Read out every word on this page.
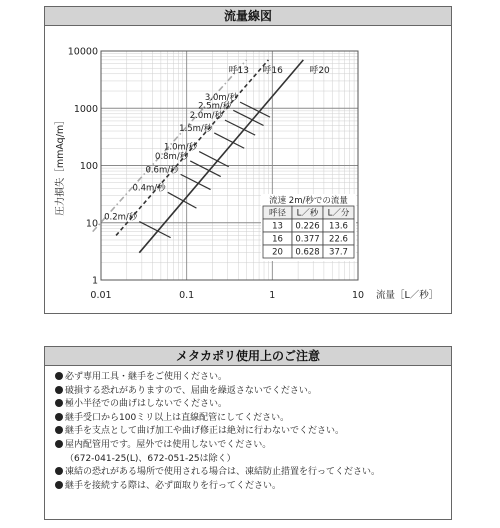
流量線図
流速 2m/秒での流量
呼径 L／秒 L／分
13 0.226 13.6
16 0.377 22.6
20 0.628 37.7
呼13 呼16	呼20
0.2m/秒
0.4m/秒
0.6m/秒
0.8m/秒
1.0m/秒
1.5m/秒
2.0m/秒
2.5m/秒
3.0m/秒
0.01	0.1	1	10
1
10
100
1000
10000
流量［L／秒］
圧力損失［mmAq/m］
メタカポリ使用上のご注意
必ず専用工具・継手をご使用ください。
破損する恐れがありますので、屈曲を繰返さないでください。
極小半径での曲げはしないでください。
継手受口から100ミリ以上は直線配管にしてください。
継手を支点として曲げ加工や曲げ修正は絶対に行わないでください。
屋内配管用です。屋外では使用しないでください。
（672-041-25(L)、672-051-25は除く）
凍結の恐れがある場所で使用される場合は、凍結防止措置を行ってください。
継手を接続する際は、必ず面取りを行ってください。
